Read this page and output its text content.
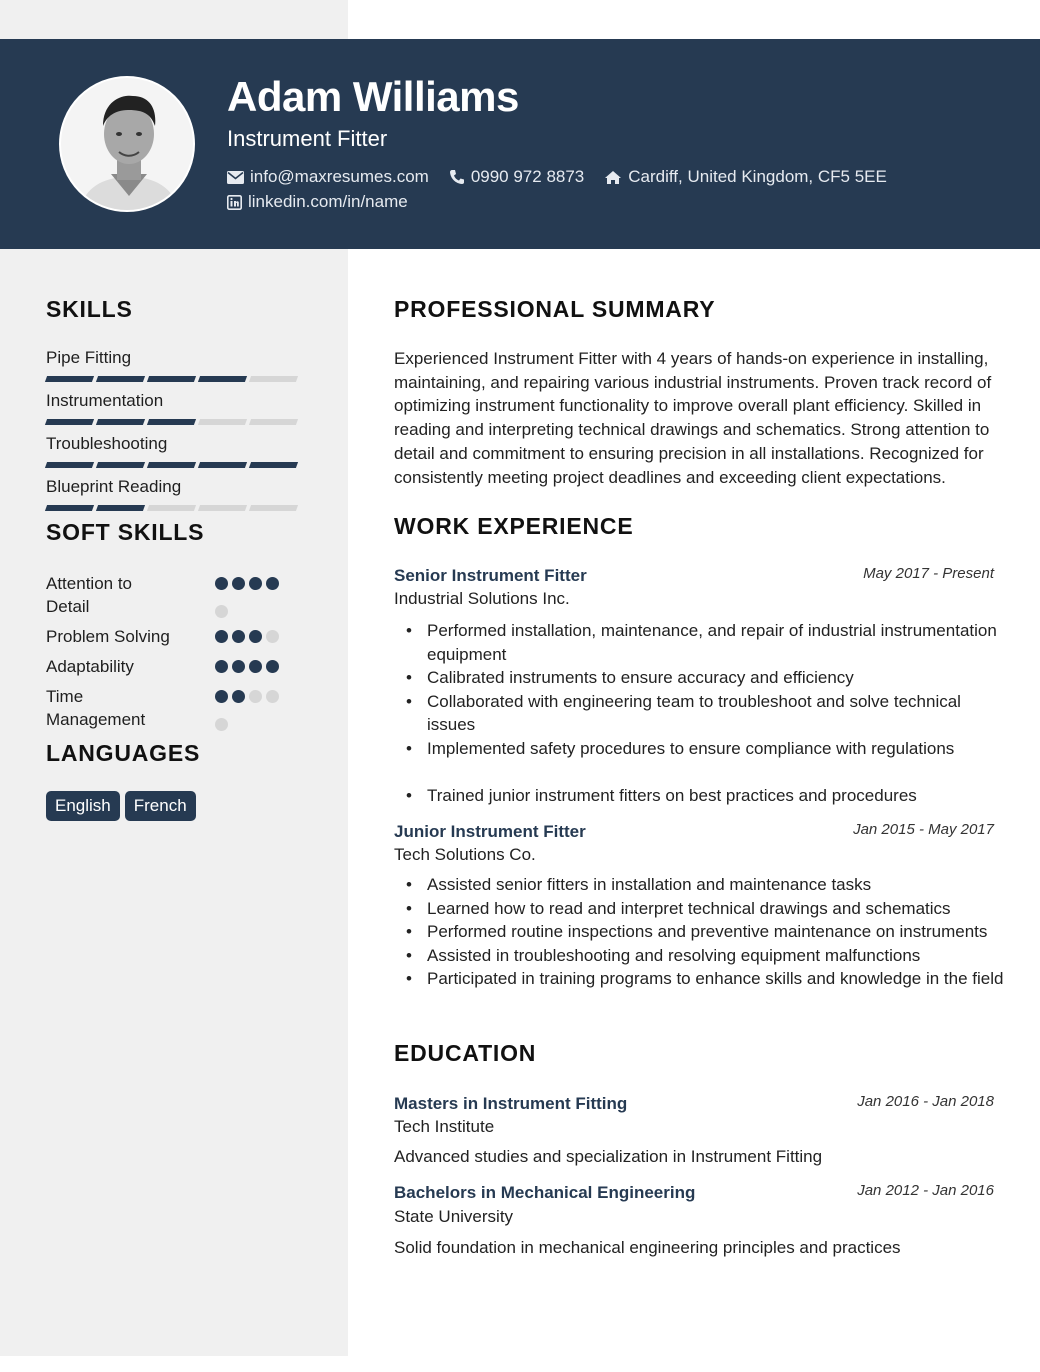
Adam Williams
Instrument Fitter
info@maxresumes.com 0990 972 8873	Cardiff, United Kingdom, CF5 5EE
linkedin.com/in/name
SKILLS
Pipe Fitting
Instrumentation
Troubleshooting
Blueprint Reading
SOFT SKILLS
Attention to Detail
Problem Solving
Adaptability
Time Management
LANGUAGES
English	French
PROFESSIONAL SUMMARY
Experienced Instrument Fitter with 4 years of hands-on experience in installing, maintaining, and repairing various industrial instruments. Proven track record of optimizing instrument functionality to improve overall plant efficiency. Skilled in reading and interpreting technical drawings and schematics. Strong attention to detail and commitment to ensuring precision in all installations. Recognized for consistently meeting project deadlines and exceeding client expectations.
WORK EXPERIENCE
Senior Instrument Fitter	May 2017 - Present
Industrial Solutions Inc.
• Performed installation, maintenance, and repair of industrial instrumentation equipment
• Calibrated instruments to ensure accuracy and efficiency
• Collaborated with engineering team to troubleshoot and solve technical issues
• Implemented safety procedures to ensure compliance with regulations
• Trained junior instrument fitters on best practices and procedures
Junior Instrument Fitter	Jan 2015 - May 2017
Tech Solutions Co.
• Assisted senior fitters in installation and maintenance tasks
• Learned how to read and interpret technical drawings and schematics
• Performed routine inspections and preventive maintenance on instruments
• Assisted in troubleshooting and resolving equipment malfunctions
• Participated in training programs to enhance skills and knowledge in the field
EDUCATION
Masters in Instrument Fitting	Jan 2016 - Jan 2018
Tech Institute
Advanced studies and specialization in Instrument Fitting
Bachelors in Mechanical Engineering	Jan 2012 - Jan 2016
State University
Solid foundation in mechanical engineering principles and practices
